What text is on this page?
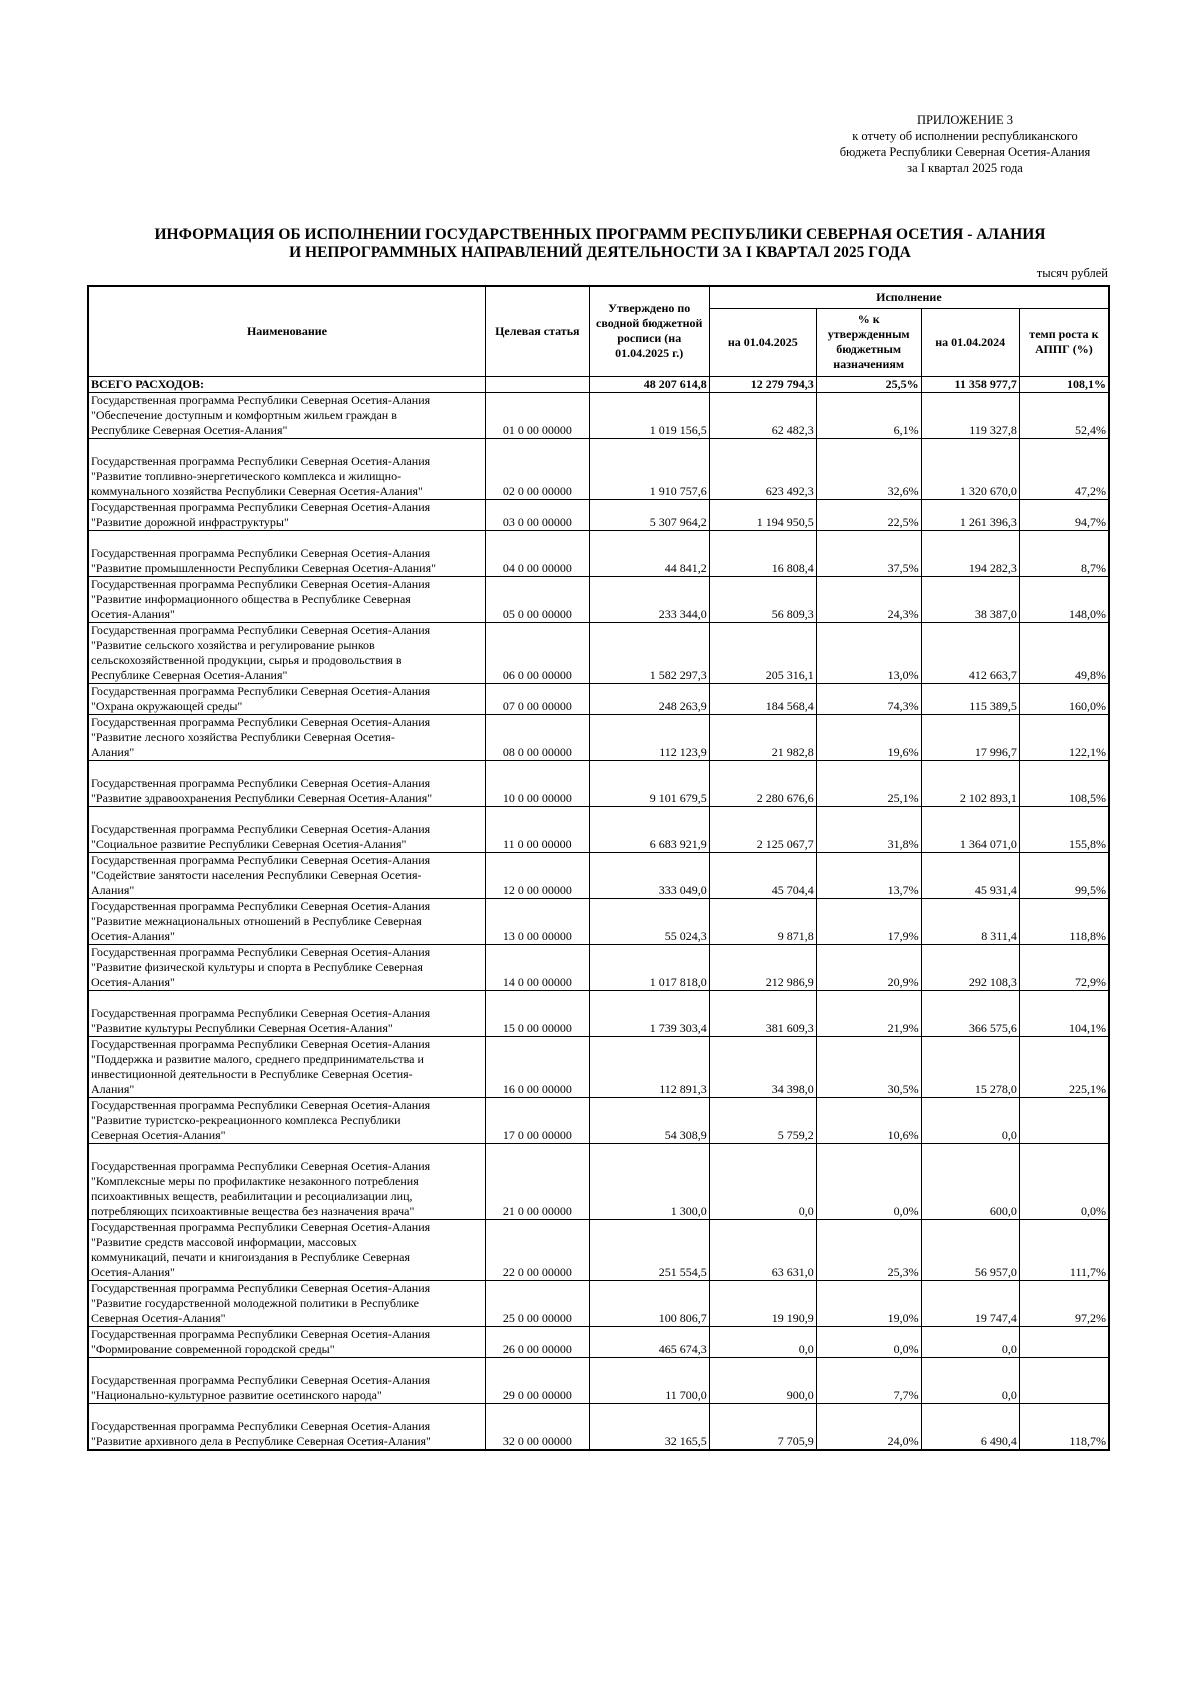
ПРИЛОЖЕНИЕ 3
к отчету об исполнении республиканского
бюджета Республики Северная Осетия-Алания
за I квартал 2025 года
ИНФОРМАЦИЯ ОБ ИСПОЛНЕНИИ ГОСУДАРСТВЕННЫХ ПРОГРАММ РЕСПУБЛИКИ СЕВЕРНАЯ ОСЕТИЯ - АЛАНИЯ
И НЕПРОГРАММНЫХ НАПРАВЛЕНИЙ ДЕЯТЕЛЬНОСТИ ЗА I КВАРТАЛ 2025 ГОДА
тысяч рублей
Наименование	Целевая статья	Утверждено по сводной бюджетной росписи (на 01.04.2025 г.)	Исполнение			
			на 01.04.2025	% к утвержденным бюджетным назначениям	на 01.04.2024	темп роста к АППГ (%)
ВСЕГО РАСХОДОВ:		48 207 614,8	12 279 794,3	25,5%	11 358 977,7	108,1%

Государственная программа Республики Северная Осетия-Алания
"Обеспечение доступным и комфортным жильем граждан в
Республике Северная Осетия-Алания"	01 0 00 00000	1 019 156,5	62 482,3	6,1%	119 327,8	52,4%

Государственная программа Республики Северная Осетия-Алания
"Развитие топливно-энергетического комплекса и жилищно-
коммунального хозяйства Республики Северная Осетия-Алания"	02 0 00 00000	1 910 757,6	623 492,3	32,6%	1 320 670,0	47,2%

Государственная программа Республики Северная Осетия-Алания
"Развитие дорожной инфраструктуры"	03 0 00 00000	5 307 964,2	1 194 950,5	22,5%	1 261 396,3	94,7%

Государственная программа Республики Северная Осетия-Алания
"Развитие промышленности Республики Северная Осетия-Алания"	04 0 00 00000	44 841,2	16 808,4	37,5%	194 282,3	8,7%

Государственная программа Республики Северная Осетия-Алания
"Развитие информационного общества в Республике Северная
Осетия-Алания"	05 0 00 00000	233 344,0	56 809,3	24,3%	38 387,0	148,0%

Государственная программа Республики Северная Осетия-Алания
"Развитие сельского хозяйства и регулирование рынков
сельскохозяйственной продукции, сырья и продовольствия в
Республике Северная Осетия-Алания"	06 0 00 00000	1 582 297,3	205 316,1	13,0%	412 663,7	49,8%

Государственная программа Республики Северная Осетия-Алания
"Охрана окружающей среды"	07 0 00 00000	248 263,9	184 568,4	74,3%	115 389,5	160,0%

Государственная программа Республики Северная Осетия-Алания
"Развитие лесного хозяйства Республики Северная Осетия-
Алания"	08 0 00 00000	112 123,9	21 982,8	19,6%	17 996,7	122,1%

Государственная программа Республики Северная Осетия-Алания
"Развитие здравоохранения Республики Северная Осетия-Алания"	10 0 00 00000	9 101 679,5	2 280 676,6	25,1%	2 102 893,1	108,5%

Государственная программа Республики Северная Осетия-Алания
"Социальное развитие Республики Северная Осетия-Алания"	11 0 00 00000	6 683 921,9	2 125 067,7	31,8%	1 364 071,0	155,8%

Государственная программа Республики Северная Осетия-Алания
"Содействие занятости населения Республики Северная Осетия-
Алания"	12 0 00 00000	333 049,0	45 704,4	13,7%	45 931,4	99,5%

Государственная программа Республики Северная Осетия-Алания
"Развитие межнациональных отношений в Республике Северная
Осетия-Алания"	13 0 00 00000	55 024,3	9 871,8	17,9%	8 311,4	118,8%

Государственная программа Республики Северная Осетия-Алания
"Развитие физической культуры и спорта в Республике Северная
Осетия-Алания"	14 0 00 00000	1 017 818,0	212 986,9	20,9%	292 108,3	72,9%

Государственная программа Республики Северная Осетия-Алания
"Развитие культуры Республики Северная Осетия-Алания"	15 0 00 00000	1 739 303,4	381 609,3	21,9%	366 575,6	104,1%

Государственная программа Республики Северная Осетия-Алания
"Поддержка и развитие малого, среднего предпринимательства и
инвестиционной деятельности в Республике Северная Осетия-
Алания"	16 0 00 00000	112 891,3	34 398,0	30,5%	15 278,0	225,1%

Государственная программа Республики Северная Осетия-Алания
"Развитие туристско-рекреационного комплекса Республики
Северная Осетия-Алания"	17 0 00 00000	54 308,9	5 759,2	10,6%	0,0	

Государственная программа Республики Северная Осетия-Алания
"Комплексные меры по профилактике незаконного потребления
психоактивных веществ, реабилитации и ресоциализации лиц,
потребляющих психоактивные вещества без назначения врача"	21 0 00 00000	1 300,0	0,0	0,0%	600,0	0,0%

Государственная программа Республики Северная Осетия-Алания
"Развитие средств массовой информации, массовых
коммуникаций, печати и книгоиздания в Республике Северная
Осетия-Алания"	22 0 00 00000	251 554,5	63 631,0	25,3%	56 957,0	111,7%

Государственная программа Республики Северная Осетия-Алания
"Развитие государственной молодежной политики в Республике
Северная Осетия-Алания"	25 0 00 00000	100 806,7	19 190,9	19,0%	19 747,4	97,2%

Государственная программа Республики Северная Осетия-Алания
"Формирование современной городской среды"	26 0 00 00000	465 674,3	0,0	0,0%	0,0	

Государственная программа Республики Северная Осетия-Алания
"Национально-культурное развитие осетинского народа"	29 0 00 00000	11 700,0	900,0	7,7%	0,0	

Государственная программа Республики Северная Осетия-Алания
"Развитие архивного дела в Республике Северная Осетия-Алания"	32 0 00 00000	32 165,5	7 705,9	24,0%	6 490,4	118,7%
